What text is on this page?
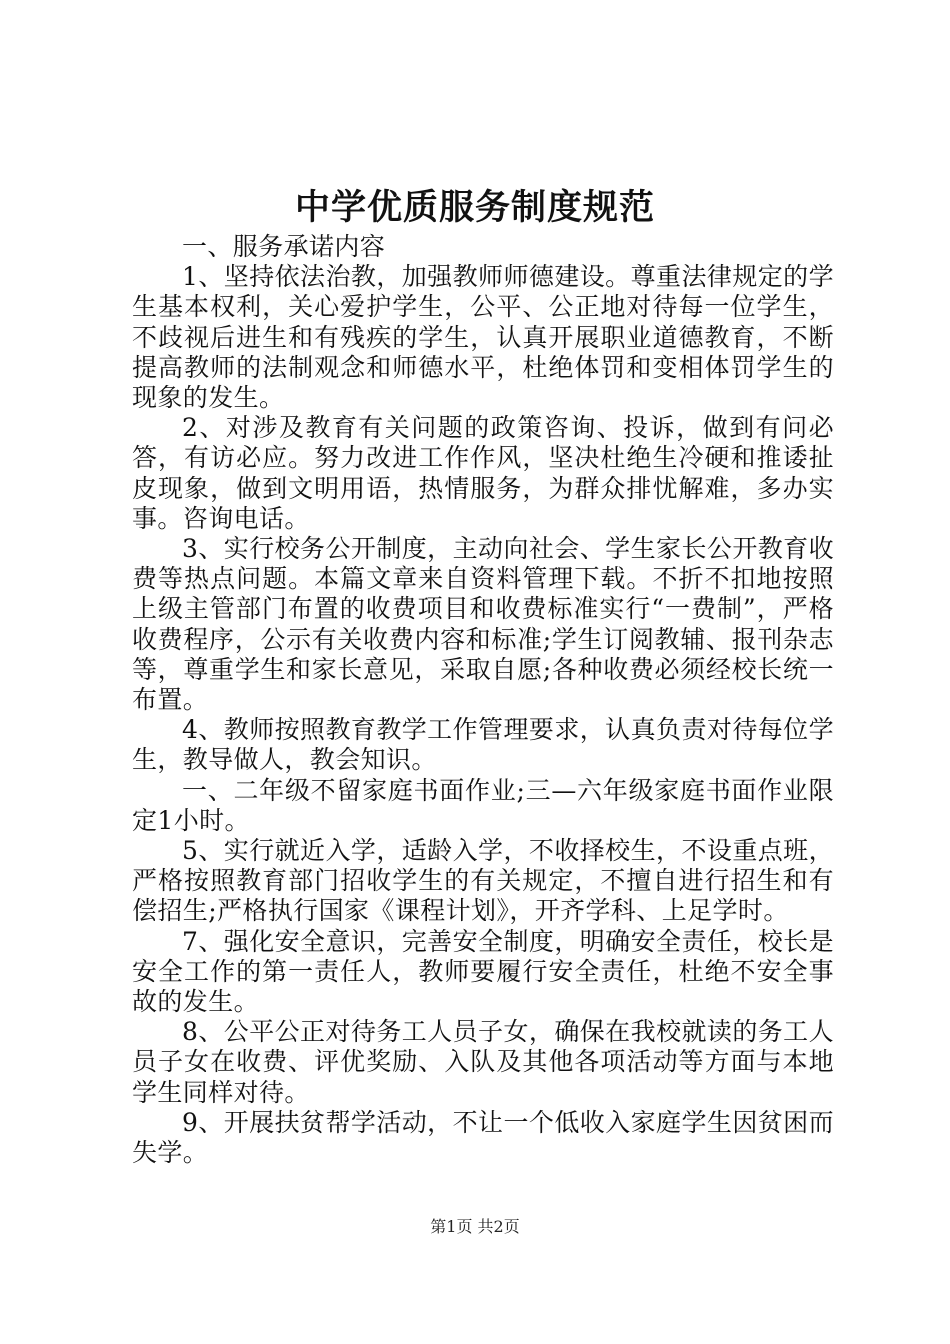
中学优质服务制度规范

一、服务承诺内容

1、坚持依法治教，加强教师师德建设。尊重法律规定的学生基本权利，关心爱护学生，公平、公正地对待每一位学生，不歧视后进生和有残疾的学生，认真开展职业道德教育，不断提高教师的法制观念和师德水平，杜绝体罚和变相体罚学生的现象的发生。

2、对涉及教育有关问题的政策咨询、投诉，做到有问必答，有访必应。努力改进工作作风，坚决杜绝生冷硬和推诿扯皮现象，做到文明用语，热情服务，为群众排忧解难，多办实事。咨询电话。

3、实行校务公开制度，主动向社会、学生家长公开教育收费等热点问题。本篇文章来自资料管理下载。不折不扣地按照上级主管部门布置的收费项目和收费标准实行“一费制”，严格收费程序，公示有关收费内容和标准;学生订阅教辅、报刊杂志等，尊重学生和家长意见，采取自愿;各种收费必须经校长统一布置。

4、教师按照教育教学工作管理要求，认真负责对待每位学生，教导做人，教会知识。

一、二年级不留家庭书面作业;三—六年级家庭书面作业限定1小时。

5、实行就近入学，适龄入学，不收择校生，不设重点班，严格按照教育部门招收学生的有关规定，不擅自进行招生和有偿招生;严格执行国家《课程计划》，开齐学科、上足学时。

7、强化安全意识，完善安全制度，明确安全责任，校长是安全工作的第一责任人，教师要履行安全责任，杜绝不安全事故的发生。

8、公平公正对待务工人员子女，确保在我校就读的务工人员子女在收费、评优奖励、入队及其他各项活动等方面与本地学生同样对待。

9、开展扶贫帮学活动，不让一个低收入家庭学生因贫困而失学。

第1页 共2页
